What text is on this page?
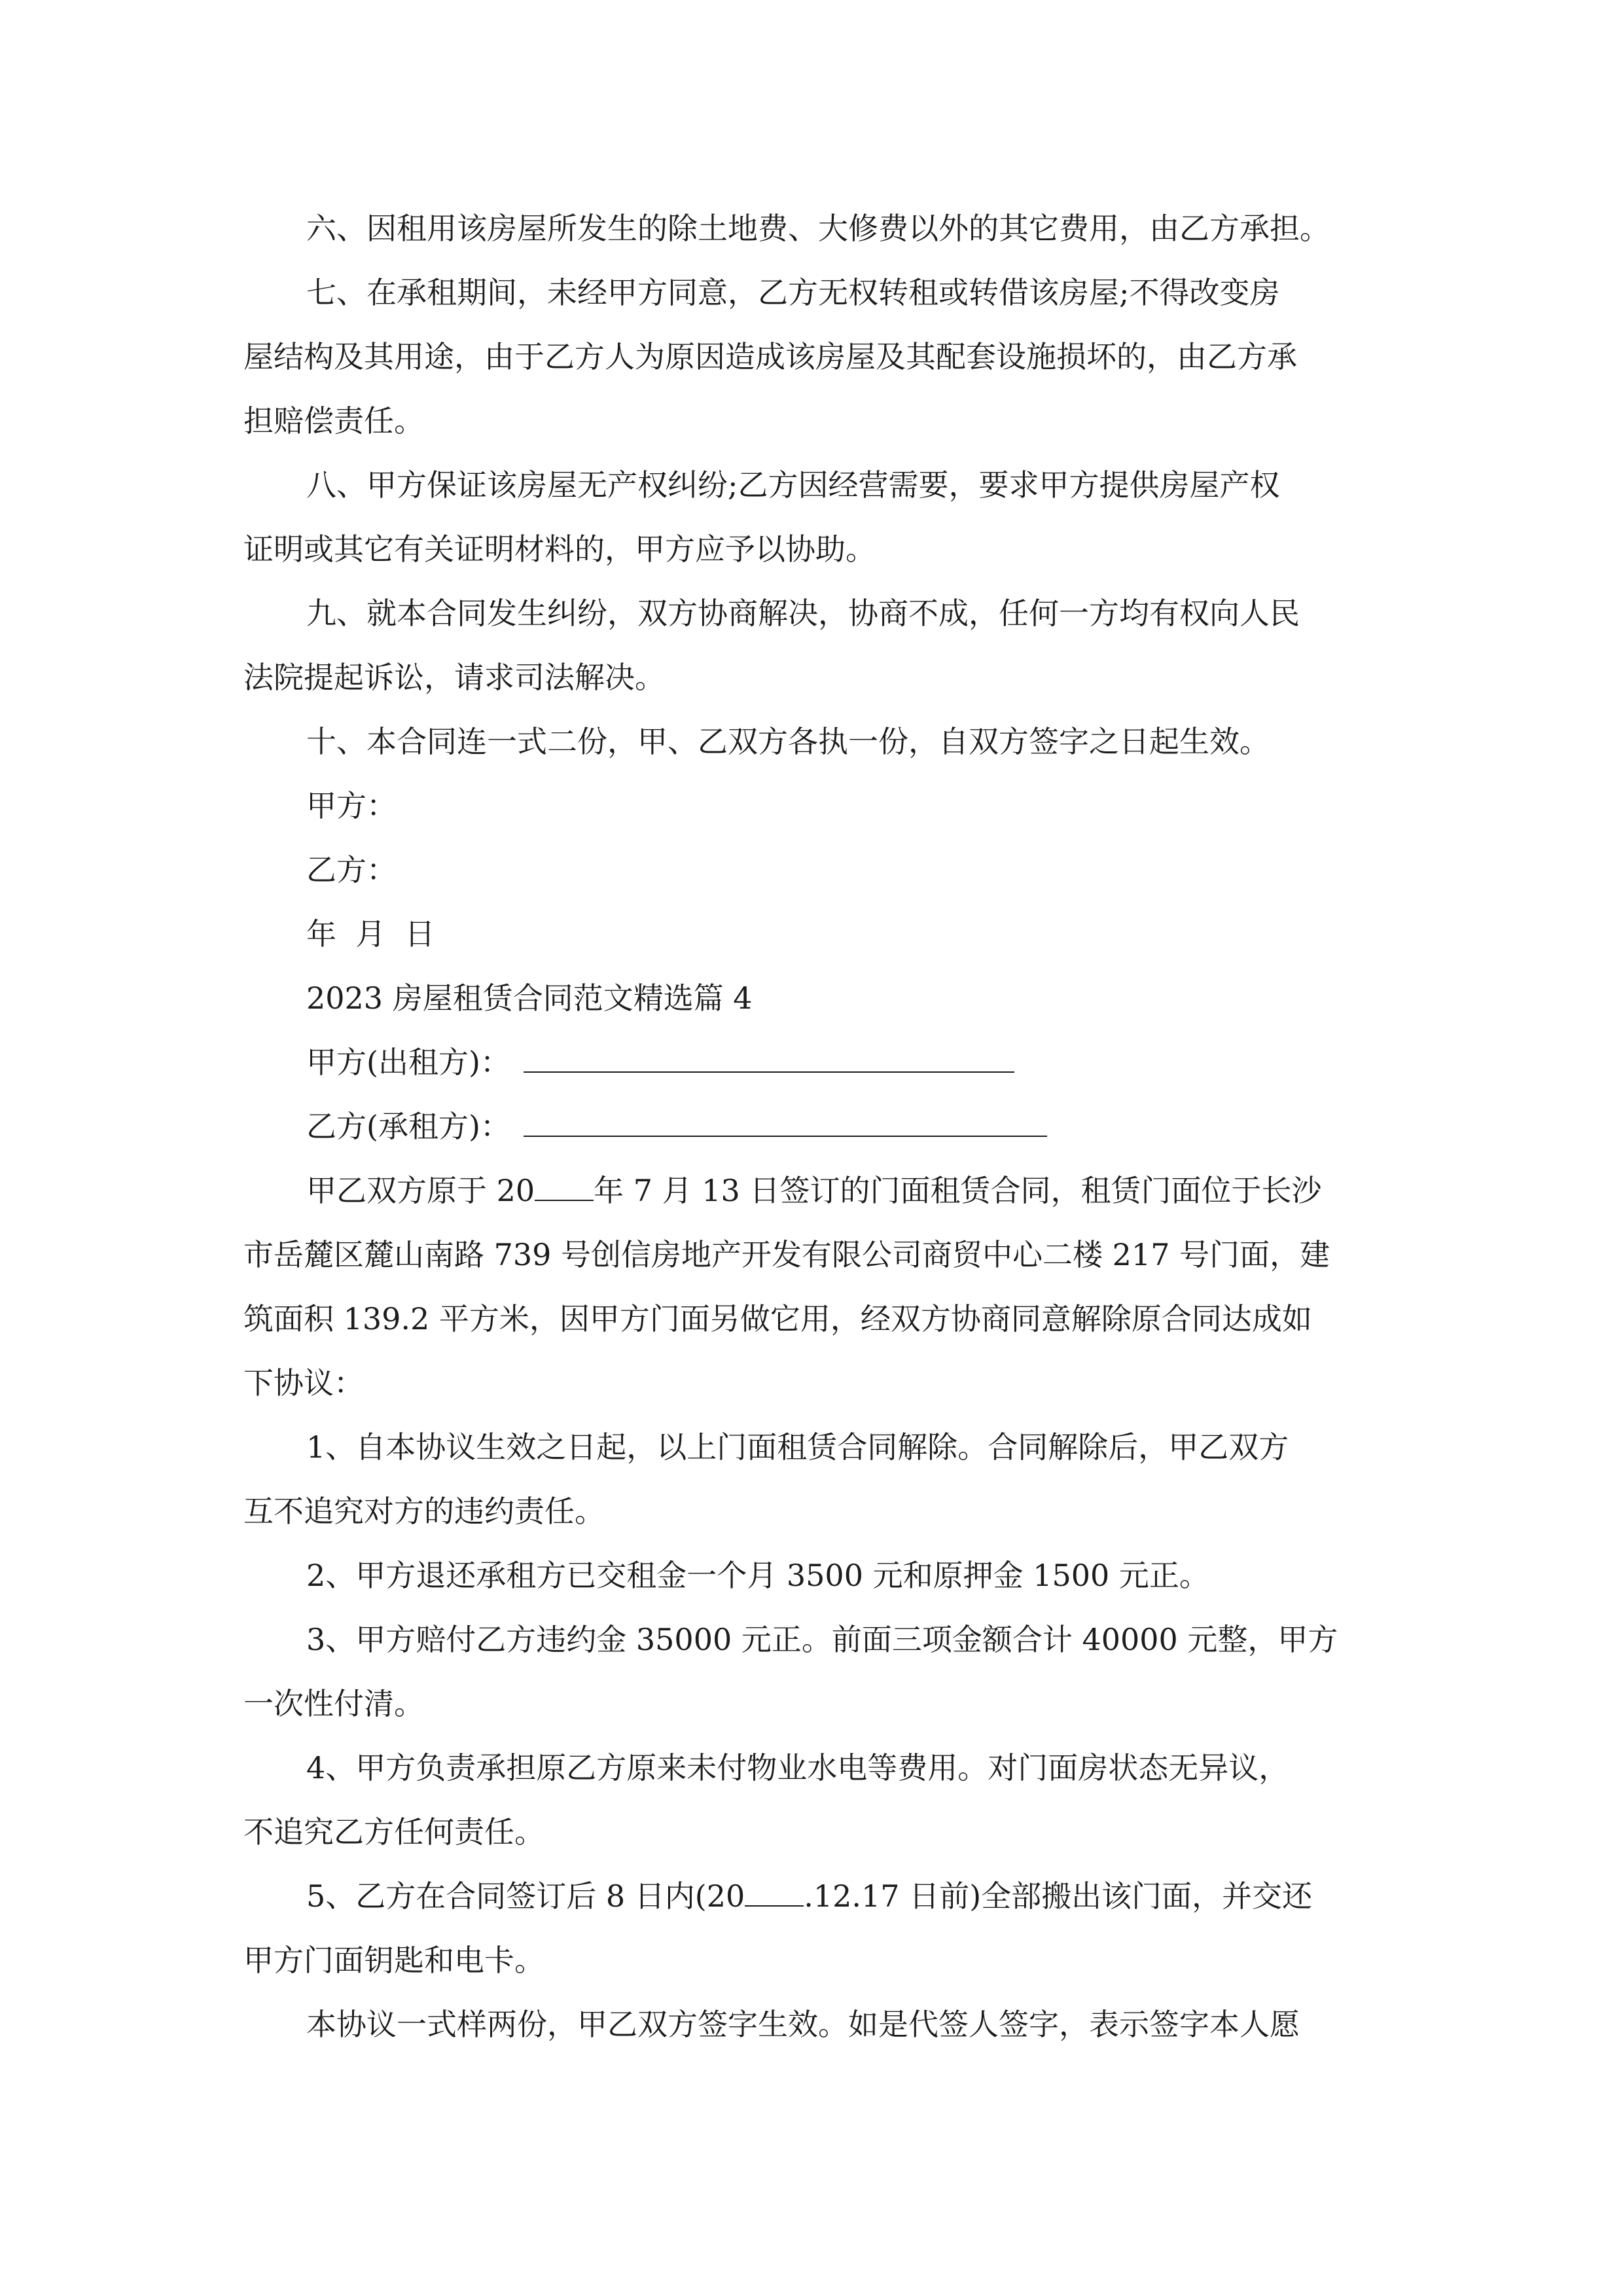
六、因租用该房屋所发生的除土地费、大修费以外的其它费用，由乙方承担。
七、在承租期间，未经甲方同意，乙方无权转租或转借该房屋;不得改变房
屋结构及其用途，由于乙方人为原因造成该房屋及其配套设施损坏的，由乙方承
担赔偿责任。
八、甲方保证该房屋无产权纠纷;乙方因经营需要，要求甲方提供房屋产权
证明或其它有关证明材料的，甲方应予以协助。
九、就本合同发生纠纷，双方协商解决，协商不成，任何一方均有权向人民
法院提起诉讼，请求司法解决。
十、本合同连一式二份，甲、乙双方各执一份，自双方签字之日起生效。
甲方：
乙方：
年  月  日
2023 房屋租赁合同范文精选篇 4
甲方(出租方)：
乙方(承租方)：
甲乙双方原于 20 年 7 月 13 日签订的门面租赁合同，租赁门面位于长沙
市岳麓区麓山南路 739 号创信房地产开发有限公司商贸中心二楼 217 号门面，建
筑面积 139.2 平方米，因甲方门面另做它用，经双方协商同意解除原合同达成如
下协议：
1、自本协议生效之日起，以上门面租赁合同解除。合同解除后，甲乙双方
互不追究对方的违约责任。
2、甲方退还承租方已交租金一个月 3500 元和原押金 1500 元正。
3、甲方赔付乙方违约金 35000 元正。前面三项金额合计 40000 元整，甲方
一次性付清。
4、甲方负责承担原乙方原来未付物业水电等费用。对门面房状态无异议，
不追究乙方任何责任。
5、乙方在合同签订后 8 日内(20 .12.17 日前)全部搬出该门面，并交还
甲方门面钥匙和电卡。
本协议一式样两份，甲乙双方签字生效。如是代签人签字，表示签字本人愿
